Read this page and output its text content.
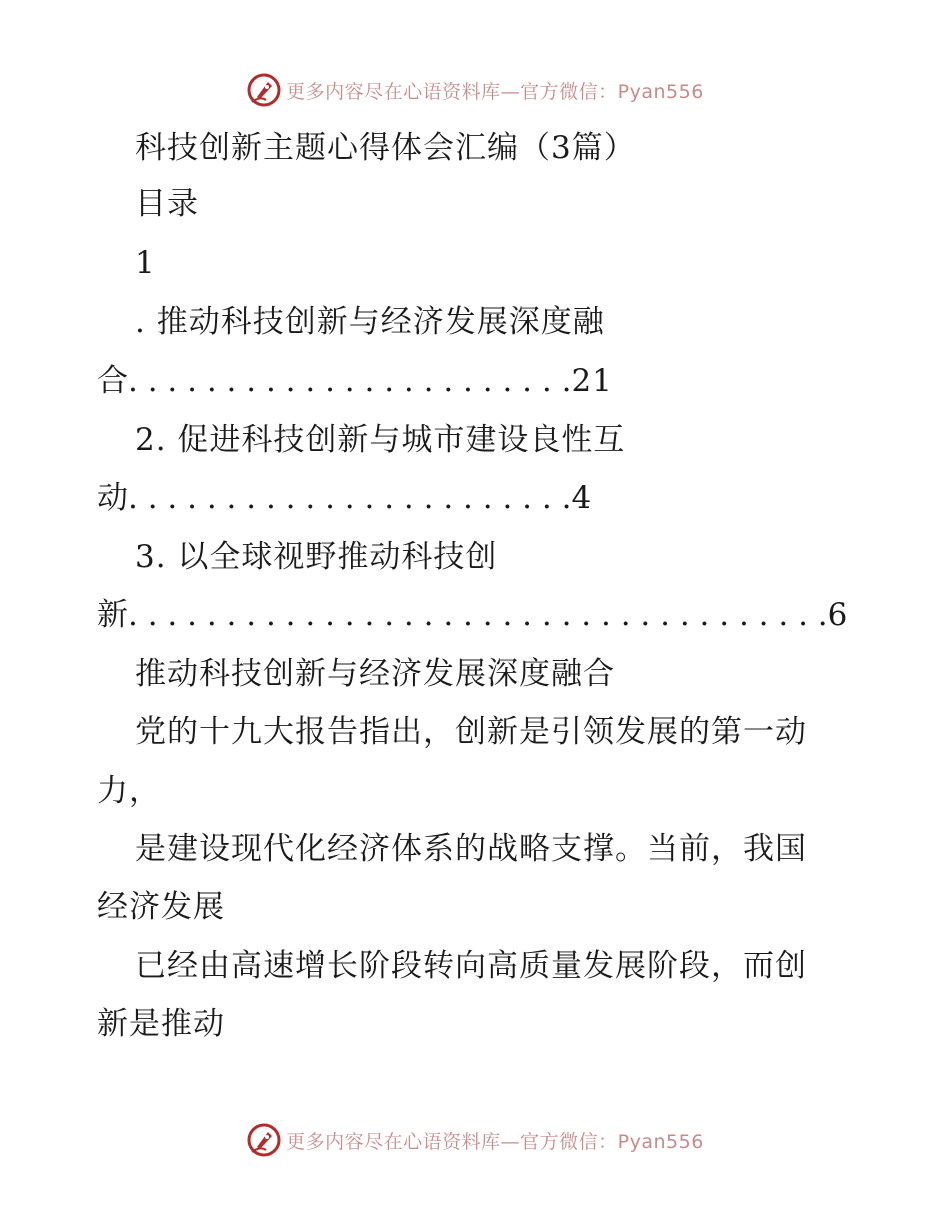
更多内容尽在心语资料库—官方微信：Pyan556
科技创新主题心得体会汇编（3篇）
目录
1
. 推动科技创新与经济发展深度融
合. . . . . . . . . . . . . . . . . . . . . . .21
2. 促进科技创新与城市建设良性互
动. . . . . . . . . . . . . . . . . . . . . . .4
3. 以全球视野推动科技创
新. . . . . . . . . . . . . . . . . . . . . . . . . . . . . . . . . . . .6
推动科技创新与经济发展深度融合
党的十九大报告指出，创新是引领发展的第一动
力，
是建设现代化经济体系的战略支撑。当前，我国
经济发展
已经由高速增长阶段转向高质量发展阶段，而创
新是推动
更多内容尽在心语资料库—官方微信：Pyan556
